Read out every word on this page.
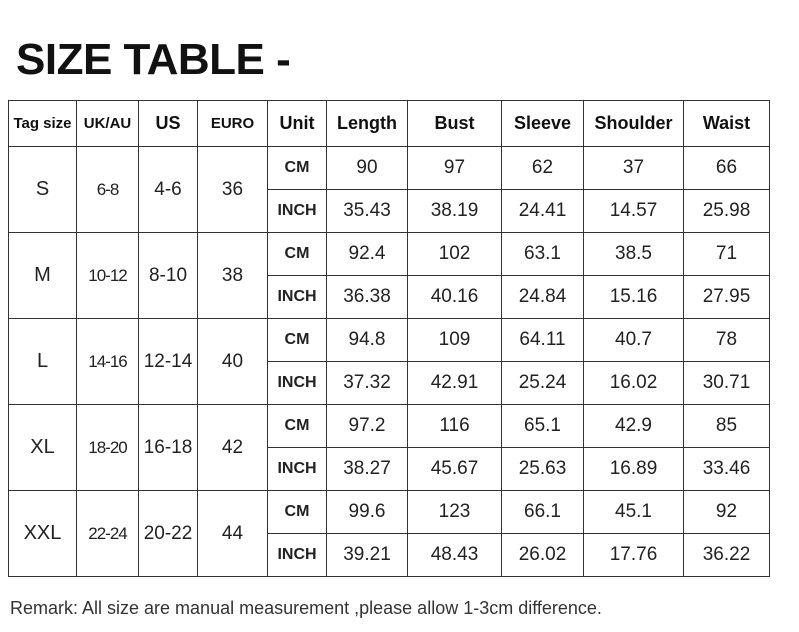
SIZE TABLE -
Tag size	UK/AU	US	EURO	Unit	Length	Bust	Sleeve	Shoulder	Waist
S	6-8	4-6	36	CM	90	97	62	37	66
				INCH	35.43	38.19	24.41	14.57	25.98
M	10-12	8-10	38	CM	92.4	102	63.1	38.5	71
				INCH	36.38	40.16	24.84	15.16	27.95
L	14-16	12-14	40	CM	94.8	109	64.11	40.7	78
				INCH	37.32	42.91	25.24	16.02	30.71
XL	18-20	16-18	42	CM	97.2	116	65.1	42.9	85
				INCH	38.27	45.67	25.63	16.89	33.46
XXL	22-24	20-22	44	CM	99.6	123	66.1	45.1	92
				INCH	39.21	48.43	26.02	17.76	36.22
Remark: All size are manual measurement ,please allow 1-3cm difference.
